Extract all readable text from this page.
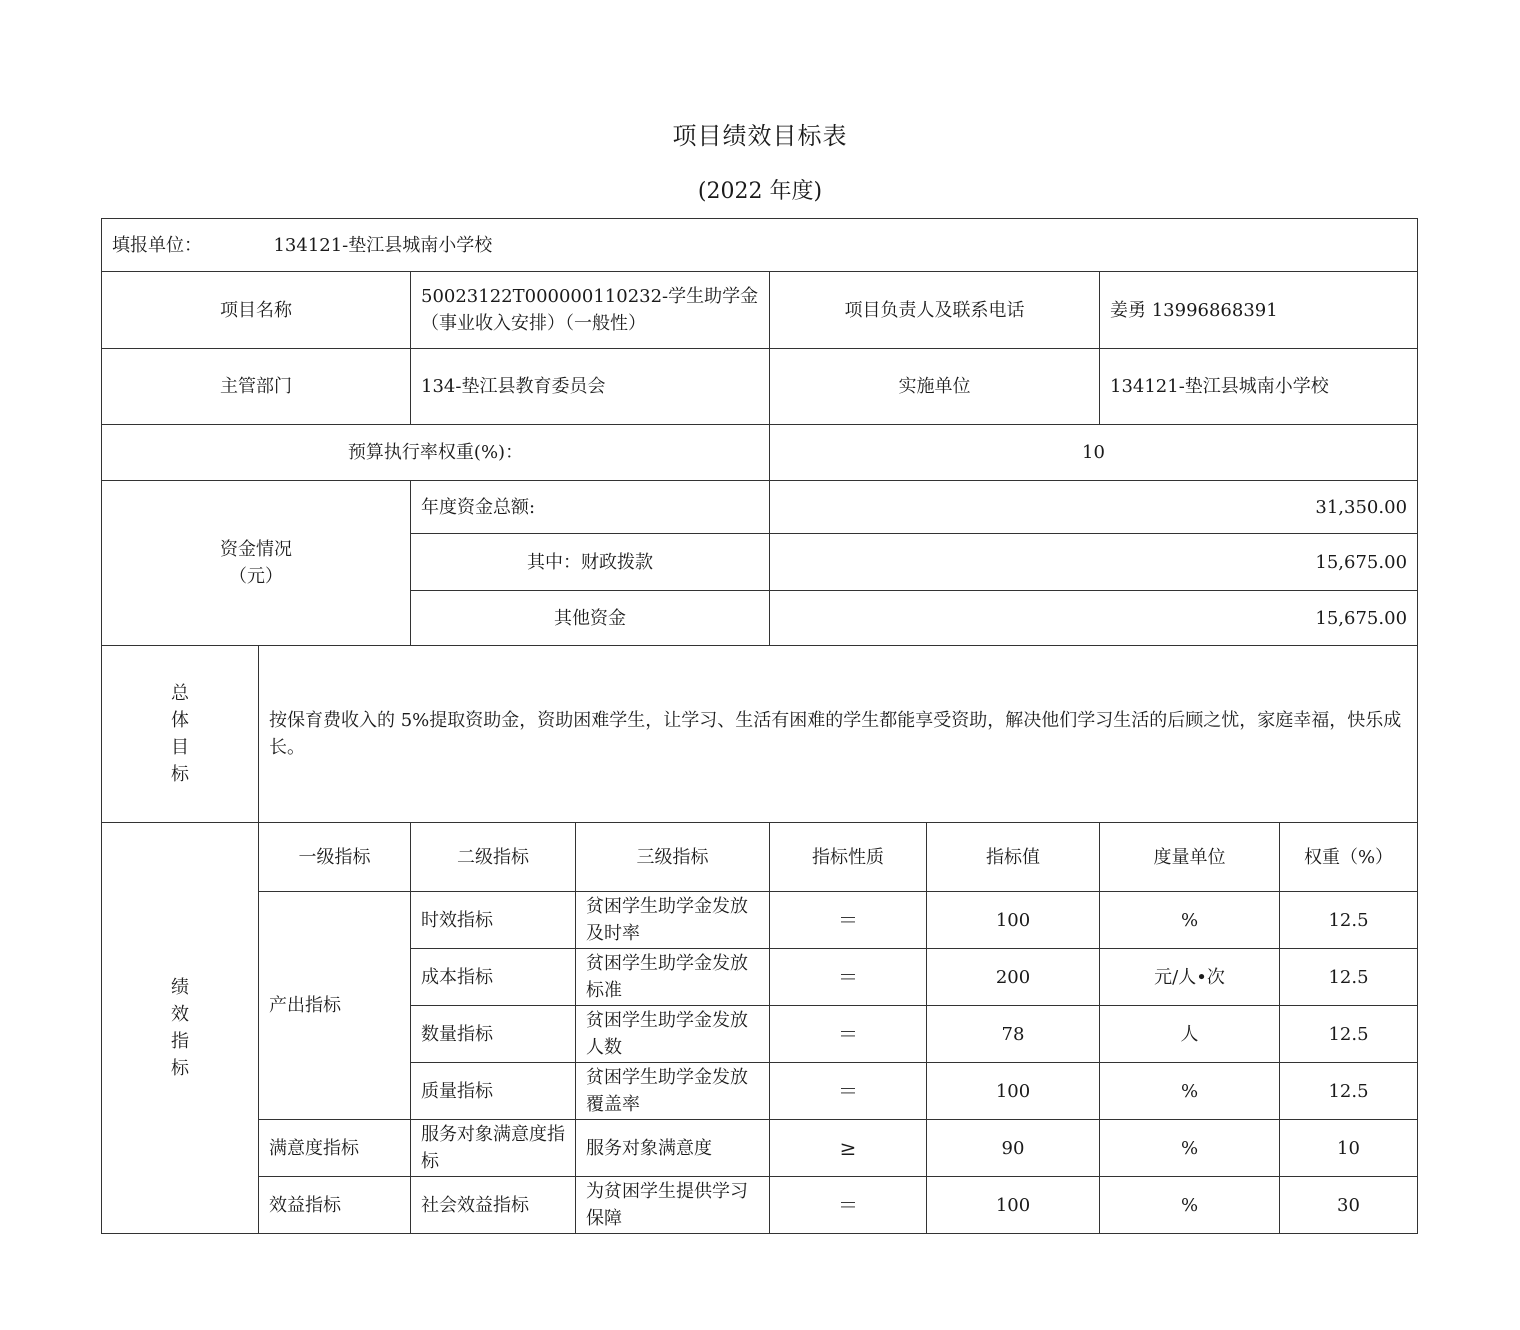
项目绩效目标表
(2022 年度)
填报单位： 134121-垫江县城南小学校							
项目名称		50023122T000000110232-学生助学金（事业收入安排）（一般性）		项目负责人及联系电话		姜勇 13996868391	
主管部门		134-垫江县教育委员会		实施单位		134121-垫江县城南小学校	
预算执行率权重(%)：				10			

资金情况
（元）		年度资金总额:		31,350.00			
		其中：财政拨款		15,675.00			
		其他资金		15,675.00			

总
体
目
标	按保育费收入的 5%提取资助金，资助困难学生，让学习、生活有困难的学生都能享受资助，解决他们学习生活的后顾之忧，家庭幸福，快乐成长。						

绩
效
指
标	一级指标	二级指标	三级指标	指标性质	指标值	度量单位	权重（%）
	产出指标	时效指标	贫困学生助学金发放及时率	＝	100	%	12.5
		成本指标	贫困学生助学金发放标准	＝	200	元/人•次	12.5
		数量指标	贫困学生助学金发放人数	＝	78	人	12.5
		质量指标	贫困学生助学金发放覆盖率	＝	100	%	12.5
	满意度指标	服务对象满意度指标	服务对象满意度	≥	90	%	10
	效益指标	社会效益指标	为贫困学生提供学习保障	＝	100	%	30
